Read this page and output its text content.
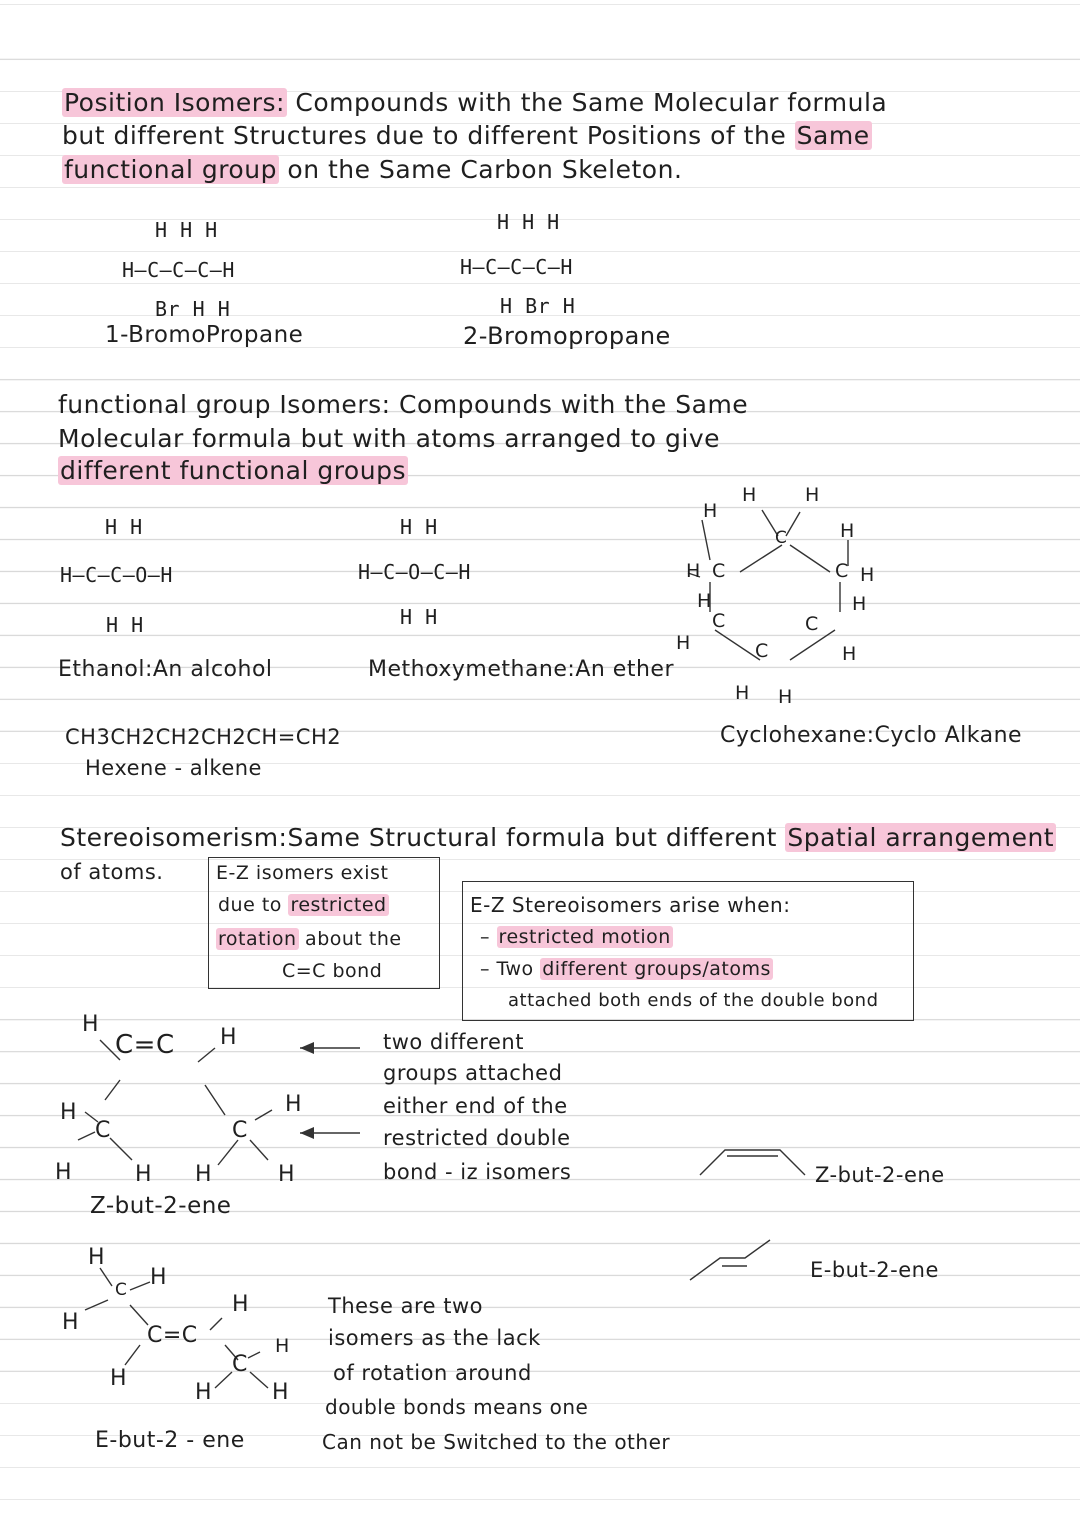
Position Isomers: Compounds with the Same Molecular formula
but different Structures due to different Positions of the Same
functional group on the Same Carbon Skeleton.
H H H
H—C—C—C—H
Br H H
1-BromoPropane
H H H
H—C—C—C—H
H Br H
2-Bromopropane
functional group Isomers: Compounds with the Same
Molecular formula but with atoms arranged to give
different functional groups
H H
H—C—C—O—H
H H
Ethanol:An alcohol
H H
H—C—O—C—H
H H
Methoxymethane:An ether
H
H	H
C	H
H C	C H
H	H
C	C
H	H
C
H H
Cyclohexane:Cyclo Alkane
CH3CH2CH2CH2CH=CH2
Hexene - alkene
Stereoisomerism:Same Structural formula but different Spatial arrangement
of atoms.	E-Z isomers exist
due to restricted
rotation about the
C=C bond
E-Z Stereoisomers arise when:
– restricted motion
– Two different groups/atoms
attached both ends of the double bond
H
C=C H
H	H
C	C
H	H H	H
Z-but-2-ene
two different
groups attached
either end of the
restricted double
bond - iz isomers	Z-but-2-ene
E-but-2-ene
H
H
C
H
H
C=C	H
C
H
H	H
E-but-2 - ene
These are two
isomers as the lack
of rotation around
double bonds means one
Can not be Switched to the other
